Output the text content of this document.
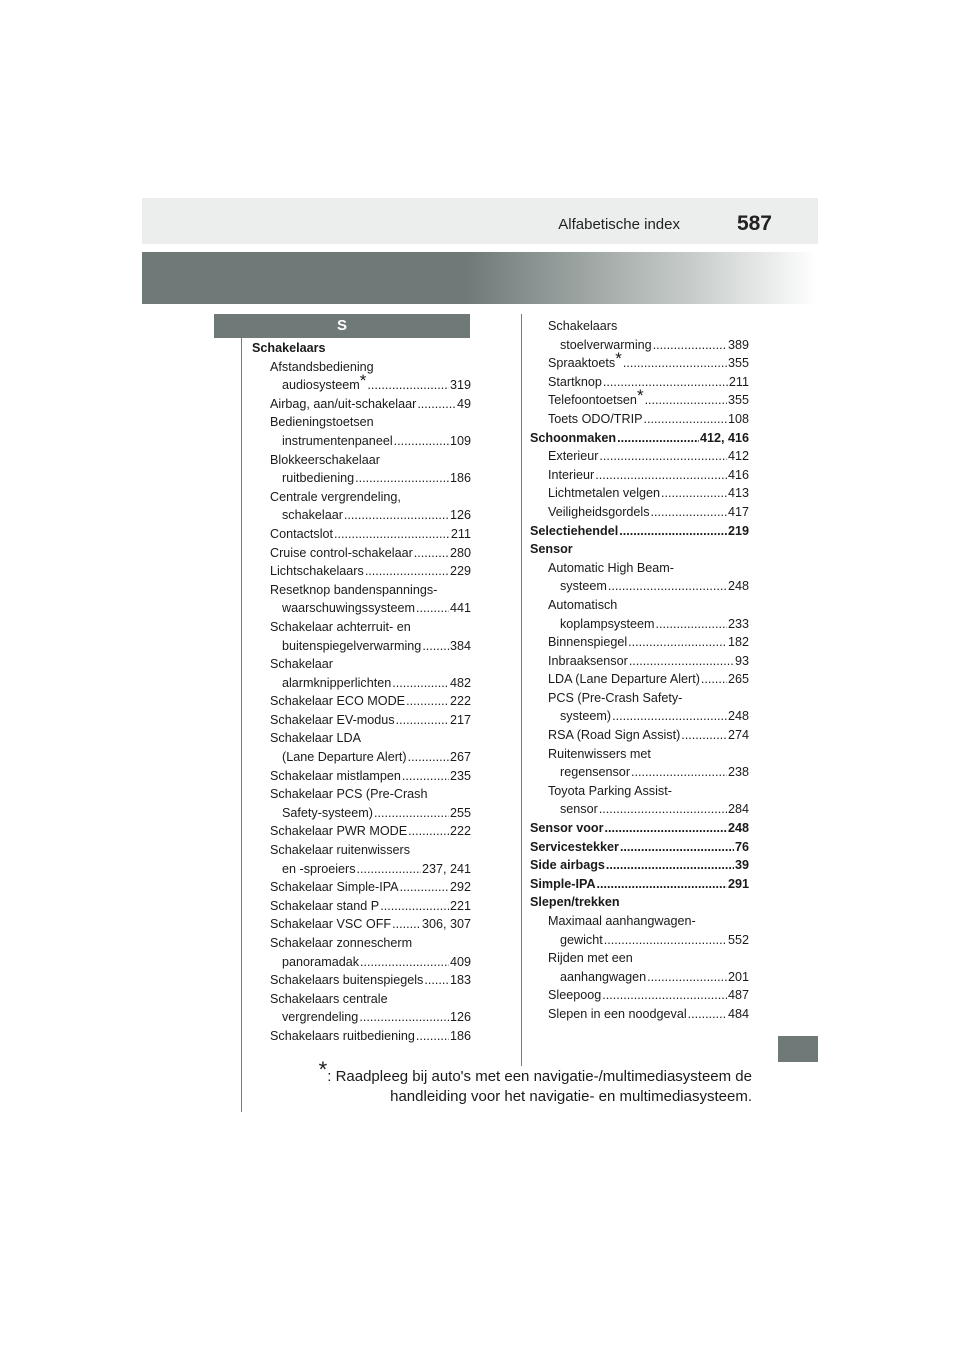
Alfabetische index	587
S
Schakelaars
Afstandsbediening
audiosysteem * .....	319
Airbag, aan/uit-schakelaar .....	49
Bedieningstoetsen
instrumentenpaneel .....	109
Blokkeerschakelaar
ruitbediening .....	186
Centrale vergrendeling,
schakelaar .....	126
Contactslot .....	211
Cruise control-schakelaar .....	280
Lichtschakelaars .....	229
Resetknop bandenspannings-
waarschuwingssysteem .....	441
Schakelaar achterruit- en
buitenspiegelverwarming ..... 384
Schakelaar
alarmknipperlichten .....	482
Schakelaar ECO MODE .....	222
Schakelaar EV-modus .....	217
Schakelaar LDA
(Lane Departure Alert) .....	267
Schakelaar mistlampen .....	235
Schakelaar PCS (Pre-Crash
Safety-systeem) .....	255
Schakelaar PWR MODE .....	222
Schakelaar ruitenwissers
en -sproeiers .....	237, 241
Schakelaar Simple-IPA .....	292
Schakelaar stand P .....	221
Schakelaar VSC OFF ..... 306, 307
Schakelaar zonnescherm
panoramadak .....	409
Schakelaars buitenspiegels ..... 183
Schakelaars centrale
vergrendeling .....	126
Schakelaars ruitbediening .....	186
Schakelaars
stoelverwarming .....	389
Spraaktoets * .....	355
Startknop .....	211
Telefoontoetsen * .....	355
Toets ODO/TRIP .....	108
Schoonmaken .....	412, 416
Exterieur .....	412
Interieur .....	416
Lichtmetalen velgen .....	413
Veiligheidsgordels .....	417
Selectiehendel .....	219
Sensor
Automatic High Beam-
systeem .....	248
Automatisch
koplampsysteem .....	233
Binnenspiegel .....	182
Inbraaksensor .....	93
LDA (Lane Departure Alert) ..... 265
PCS (Pre-Crash Safety-
systeem) .....	248
RSA (Road Sign Assist) .....	274
Ruitenwissers met
regensensor .....	238
Toyota Parking Assist-
sensor .....	284
Sensor voor .....	248
Servicestekker .....	76
Side airbags .....	39
Simple-IPA .....	291
Slepen/trekken
Maximaal aanhangwagen-
gewicht .....	552
Rijden met een
aanhangwagen .....	201
Sleepoog .....	487
Slepen in een noodgeval .....	484
*: Raadpleeg bij auto's met een navigatie-/multimediasysteem de
handleiding voor het navigatie- en multimediasysteem.
